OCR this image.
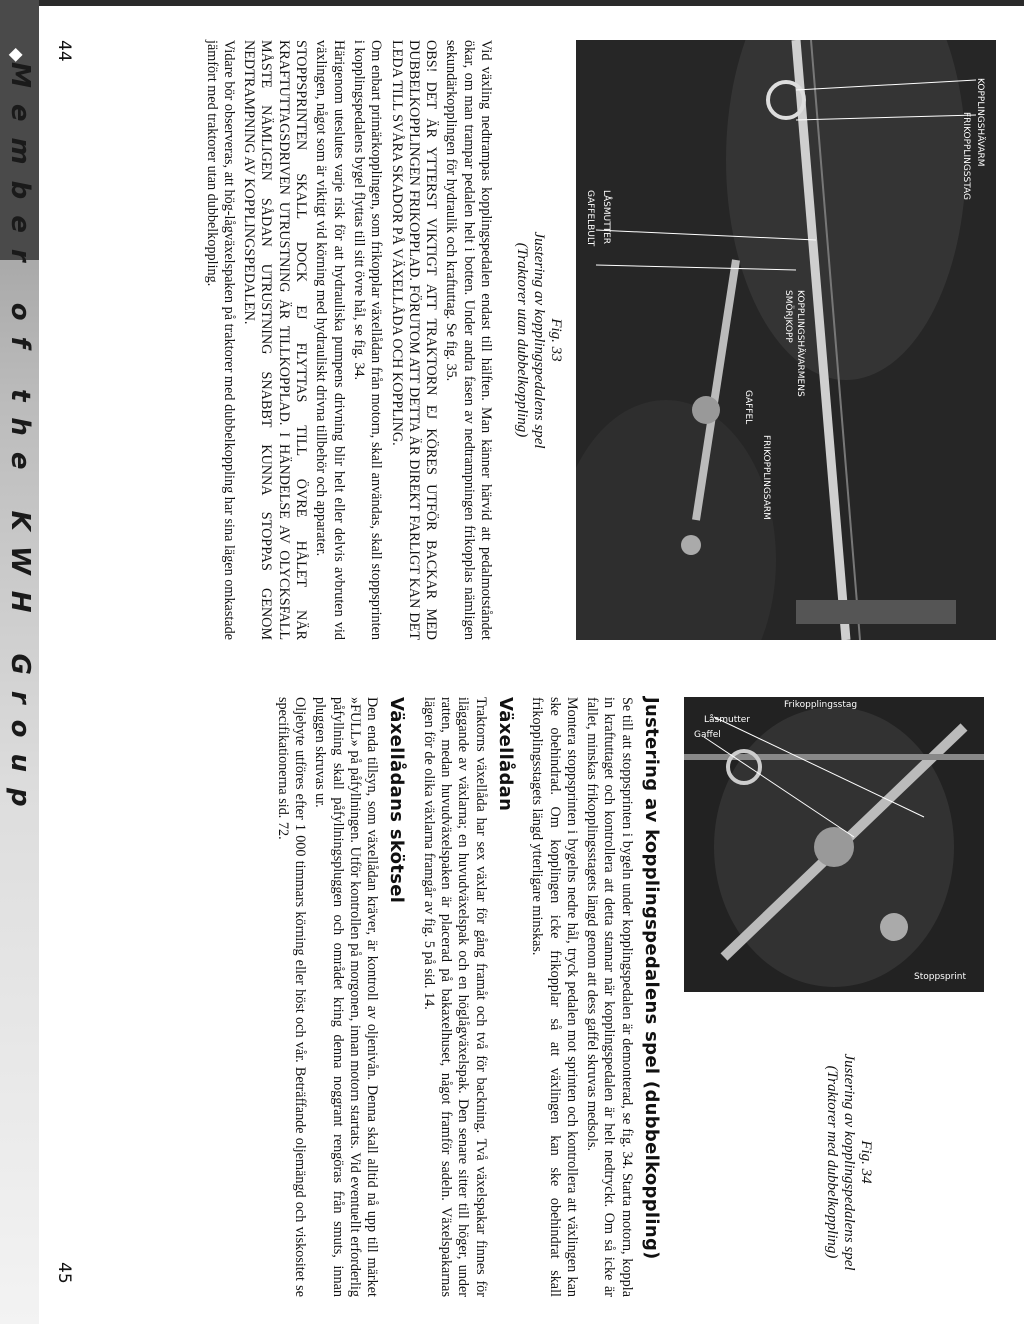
KOPPLINGSHÄVARM
FRIKOPPLINGSSTAG
LÅSMUTTER
GAFFELBULT
KOPPLINGSHÄVARMENS
SMÖRJKOPP
GAFFEL
FRIKOPPLINGSARM
Fig. 33
Justering av kopplingspedalens spel
(Traktorer utan dubbelkoppling)

Vid växling nedtrampas kopplingspedalen endast till hälften. Man känner härvid att pedalmotståndet ökar, om man trampar pedalen helt i botten. Under andra fasen av nedtrampningen frikopplas nämligen sekundärkopplingen för hydraulik och kraftuttag. Se fig. 35.

OBS! DET ÄR YTTERST VIKTIGT ATT TRAKTORN EJ KÖRES UTFÖR BACKAR MED DUBBELKOPPLINGEN FRIKOPPLAD. FÖRUTOM ATT DETTA ÄR DIREKT FARLIGT KAN DET LEDA TILL SVÅRA SKADOR PÅ VÄXELLÅDA OCH KOPPLING.

Om enbart primärkopplingen, som frikopplar växellådan från motorn, skall användas, skall stoppsprinten i kopplingspedalens bygel flyttas till sitt övre hål, se fig. 34.

Härigenom uteslutes varje risk för att hydrauliska pumpens drivning blir helt eller delvis avbruten vid växlingen, något som är viktigt vid körning med hydrauliskt drivna tillbehör och apparater.

STOPPSPRINTEN SKALL DOCK EJ FLYTTAS TILL ÖVRE HÅLET NÄR KRAFTUTTAGSDRIVEN UTRUSTNING ÄR TILLKOPPLAD. I HÄNDELSE AV OLYCKSFALL MÅSTE NÄMLIGEN SÅDAN UTRUSTNING SNABBT KUNNA STOPPAS GENOM NEDTRAMPNING AV KOPPLINGSPEDALEN.

Vidare bör observeras, att hög-lågväxelspaken på traktorer med dubbelkoppling har sina lägen omkastade jämfört med traktorer utan dubbelkoppling.

44
Frikopplingsstag
Låsmutter
Gaffel
Stoppsprint
Fig. 34
Justering av kopplingspedalens spel
(Traktorer med dubbelkoppling)
Justering av kopplingspedalens spel (dubbelkoppling)

Se till att stoppsprinten i bygeln under kopplingspedalen är demonterad, se fig. 34. Starta motorn, koppla in kraftuttaget och kontrollera att detta stannar när kopplingspedalen är helt nedtryckt. Om så icke är fallet, minskas frikopplingsstagets längd genom att dess gaffel skruvas medsols.

Montera stoppsprinten i bygelns nedre hål, tryck pedalen mot sprinten och kontrollera att växlingen kan ske obehindrad. Om kopplingen icke frikopplar så att växlingen kan ske obehindrat skall frikopplingsstagets längd ytterligare minskas.

Växellådan

Traktorns växellåda har sex växlar för gång framåt och två för backning. Två växelspakar finnes för iläggande av växlarna; en huvudväxelspak och en höglågväxelspak. Den senare sitter till höger, under ratten, medan huvudväxelspaken är placerad på bakaxelhuset, något framför sadeln. Växelspakarnas lägen för de olika växlarna framgår av fig. 5 på sid. 14.

Växellådans skötsel

Den enda tillsyn, som växellådan kräver, är kontroll av oljenivån. Denna skall alltid nå upp till märket »FULL» på påfyllningen. Utför kontrollen på morgonen, innan motorn startats. Vid eventuellt erforderlig påfyllning skall påfyllningspluggen och området kring denna noggrant rengöras från smuts, innan pluggen skruvas ur.

Oljebyte utföres efter 1 000 timmars körning eller höst och vår. Beträffande oljemängd och viskositet se specifikationerna sid. 72.

45
◆
Member of the KWH Group
